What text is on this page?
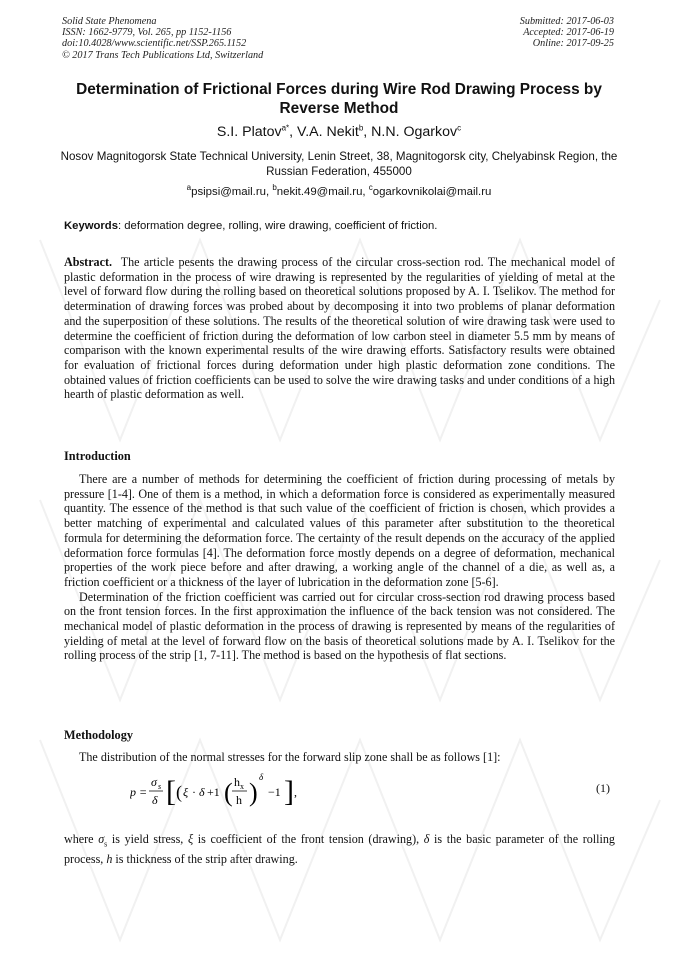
Solid State Phenomena
ISSN: 1662-9779, Vol. 265, pp 1152-1156
doi:10.4028/www.scientific.net/SSP.265.1152
© 2017 Trans Tech Publications Ltd, Switzerland
Submitted: 2017-06-03
Accepted: 2017-06-19
Online: 2017-09-25
Determination of Frictional Forces during Wire Rod Drawing Process by Reverse Method
S.I. Platov$^{a*}$, V.A. Nekit$^b$, N.N. Ogarkov$^c$
Nosov Magnitogorsk State Technical University, Lenin Street, 38, Magnitogorsk city, Chelyabinsk Region, the Russian Federation, 455000
$^a$psipsi@mail.ru, $^b$nekit.49@mail.ru, $^c$ogarkovnikolai@mail.ru
Keywords: deformation degree, rolling, wire drawing, coefficient of friction.
Abstract. The article pesents the drawing process of the circular cross-section rod. The mechanical model of plastic deformation in the process of wire drawing is represented by the regularities of yielding of metal at the level of forward flow during the rolling based on theoretical solutions proposed by A. I. Tselikov. The method for determination of drawing forces was probed about by decomposing it into two problems of planar deformation and the superposition of these solutions. The results of the theoretical solution of wire drawing task were used to determine the coefficient of friction during the deformation of low carbon steel in diameter 5.5 mm by means of comparison with the known experimental results of the wire drawing efforts. Satisfactory results were obtained for evaluation of frictional forces during deformation under high plastic deformation zone conditions. The obtained values of friction coefficients can be used to solve the wire drawing tasks and under conditions of a high hearth of plastic deformation as well.
Introduction

There are a number of methods for determining the coefficient of friction during processing of metals by pressure [1-4]. One of them is a method, in which a deformation force is considered as experimentally measured quantity. The essence of the method is that such value of the coefficient of friction is chosen, which provides a better matching of experimental and calculated values of this parameter after substitution to the theoretical formula for determining the deformation force. The certainty of the result depends on the accuracy of the applied deformation force formulas [4]. The deformation force mostly depends on a degree of deformation, mechanical properties of the work piece before and after drawing, a working angle of the channel of a die, as well as, a friction coefficient or a thickness of the layer of lubrication in the deformation zone [5-6].

Determination of the friction coefficient was carried out for circular cross-section rod drawing process based on the front tension forces. In the first approximation the influence of the back tension was not considered. The mechanical model of plastic deformation in the process of drawing is represented by means of the regularities of yielding of metal at the level of forward flow on the basis of theoretical solutions made by A. I. Tselikov for the rolling process of the strip [1, 7-11]. The method is based on the hypothesis of flat sections.

Methodology

The distribution of the normal stresses for the forward slip zone shall be as follows [1]:

p =
σ s
δ [ ( ξ · δ +1 ( h x
h )
δ
−1 ] ,	(1)

where $\sigma_s$ is yield stress, ξ is coefficient of the front tension (drawing), δ is the basic parameter of the rolling process, h is thickness of the strip after drawing.
